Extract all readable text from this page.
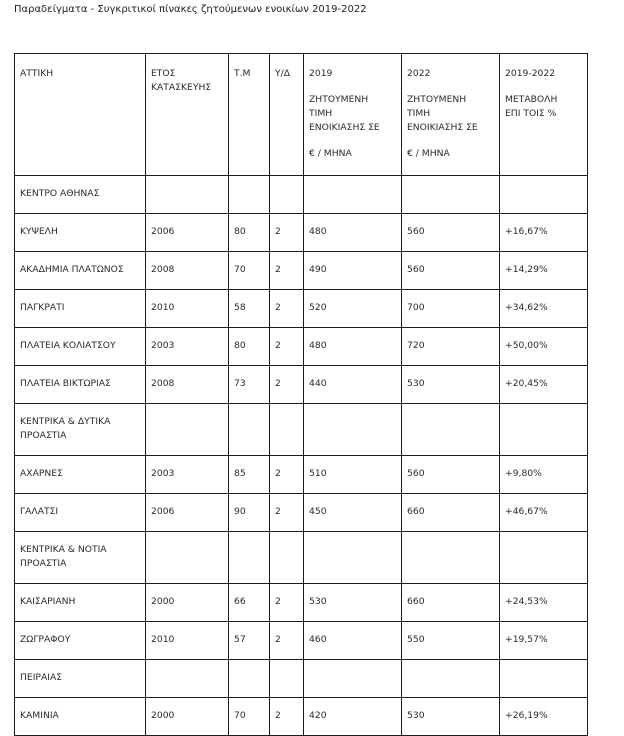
Παραδείγματα - Συγκριτικοί πίνακες ζητούμενων ενοικίων 2019-2022
ΑΤΤΙΚΗ	ΕΤΟΣ
ΚΑΤΑΣΚΕΥΗΣ	Τ.Μ	Υ/Δ	2019
ΖΗΤΟΥΜΕΝΗ
ΤΙΜΗ
ΕΝΟΙΚΙΑΣΗΣ ΣΕ
€ / ΜΗΝΑ	2022
ΖΗΤΟΥΜΕΝΗ
ΤΙΜΗ
ΕΝΟΙΚΙΑΣΗΣ ΣΕ
€ / ΜΗΝΑ	2019-2022
ΜΕΤΑΒΟΛΗ
ΕΠΙ ΤΟΙΣ %

ΚΕΝΤΡΟ ΑΘΗΝΑΣ						
ΚΥΨΕΛΗ	2006	80	2	480	560	+16,67%
ΑΚΑΔΗΜΙΑ ΠΛΑΤΩΝΟΣ	2008	70	2	490	560	+14,29%
ΠΑΓΚΡΑΤΙ	2010	58	2	520	700	+34,62%
ΠΛΑΤΕΙΑ ΚΟΛΙΑΤΣΟΥ	2003	80	2	480	720	+50,00%
ΠΛΑΤΕΙΑ ΒΙΚΤΩΡΙΑΣ	2008	73	2	440	530	+20,45%
ΚΕΝΤΡΙΚΑ & ΔΥΤΙΚΑ ΠΡΟΑΣΤΙΑ						
ΑΧΑΡΝΕΣ	2003	85	2	510	560	+9,80%
ΓΑΛΑΤΣΙ	2006	90	2	450	660	+46,67%
ΚΕΝΤΡΙΚΑ & ΝΟΤΙΑ ΠΡΟΑΣΤΙΑ						
ΚΑΙΣΑΡΙΑΝΗ	2000	66	2	530	660	+24,53%
ΖΩΓΡΑΦΟΥ	2010	57	2	460	550	+19,57%
ΠΕΙΡΑΙΑΣ						
ΚΑΜΙΝΙΑ	2000	70	2	420	530	+26,19%
